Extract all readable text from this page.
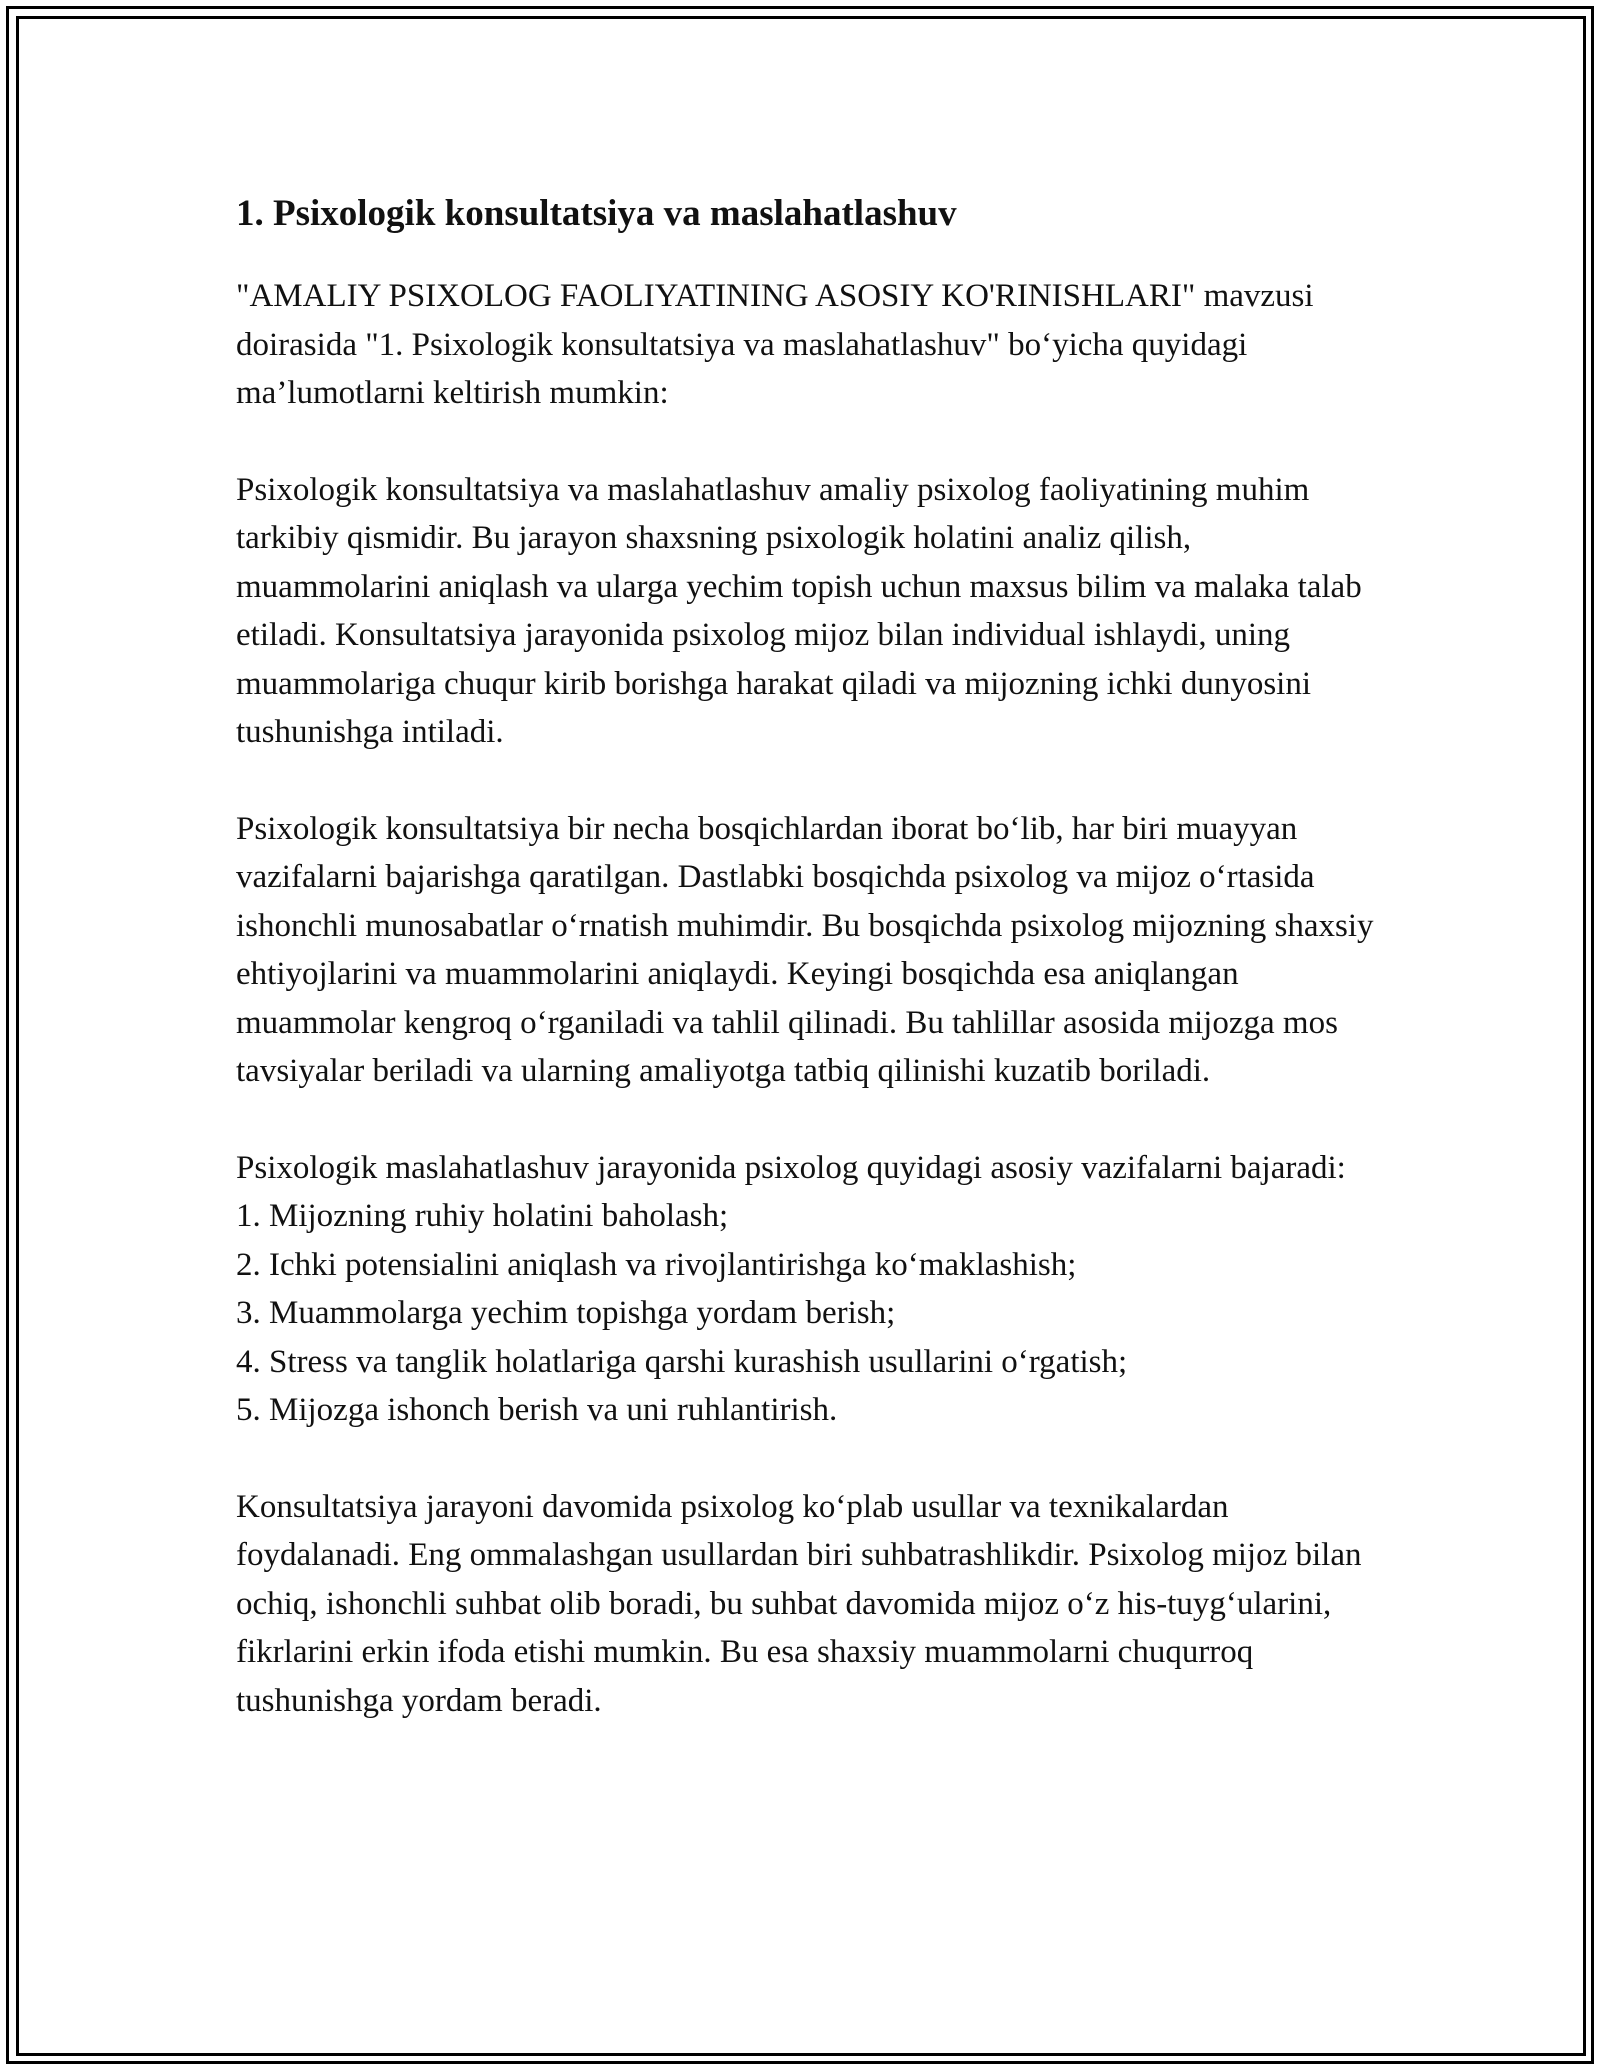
1. Psixologik konsultatsiya va maslahatlashuv

"AMALIY PSIXOLOG FAOLIYATINING ASOSIY KO'RINISHLARI" mavzusi doirasida "1. Psixologik konsultatsiya va maslahatlashuv" bo‘yicha quyidagi ma’lumotlarni keltirish mumkin:

Psixologik konsultatsiya va maslahatlashuv amaliy psixolog faoliyatining muhim tarkibiy qismidir. Bu jarayon shaxsning psixologik holatini analiz qilish, muammolarini aniqlash va ularga yechim topish uchun maxsus bilim va malaka talab etiladi. Konsultatsiya jarayonida psixolog mijoz bilan individual ishlaydi, uning muammolariga chuqur kirib borishga harakat qiladi va mijozning ichki dunyosini tushunishga intiladi.

Psixologik konsultatsiya bir necha bosqichlardan iborat bo‘lib, har biri muayyan vazifalarni bajarishga qaratilgan. Dastlabki bosqichda psixolog va mijoz o‘rtasida ishonchli munosabatlar o‘rnatish muhimdir. Bu bosqichda psixolog mijozning shaxsiy ehtiyojlarini va muammolarini aniqlaydi. Keyingi bosqichda esa aniqlangan muammolar kengroq o‘rganiladi va tahlil qilinadi. Bu tahlillar asosida mijozga mos tavsiyalar beriladi va ularning amaliyotga tatbiq qilinishi kuzatib boriladi.

Psixologik maslahatlashuv jarayonida psixolog quyidagi asosiy vazifalarni bajaradi:
1. Mijozning ruhiy holatini baholash;
2. Ichki potensialini aniqlash va rivojlantirishga ko‘maklashish;
3. Muammolarga yechim topishga yordam berish;
4. Stress va tanglik holatlariga qarshi kurashish usullarini o‘rgatish;
5. Mijozga ishonch berish va uni ruhlantirish.

Konsultatsiya jarayoni davomida psixolog ko‘plab usullar va texnikalardan foydalanadi. Eng ommalashgan usullardan biri suhbatrashlikdir. Psixolog mijoz bilan ochiq, ishonchli suhbat olib boradi, bu suhbat davomida mijoz o‘z his-tuyg‘ularini, fikrlarini erkin ifoda etishi mumkin. Bu esa shaxsiy muammolarni chuqurroq tushunishga yordam beradi.
